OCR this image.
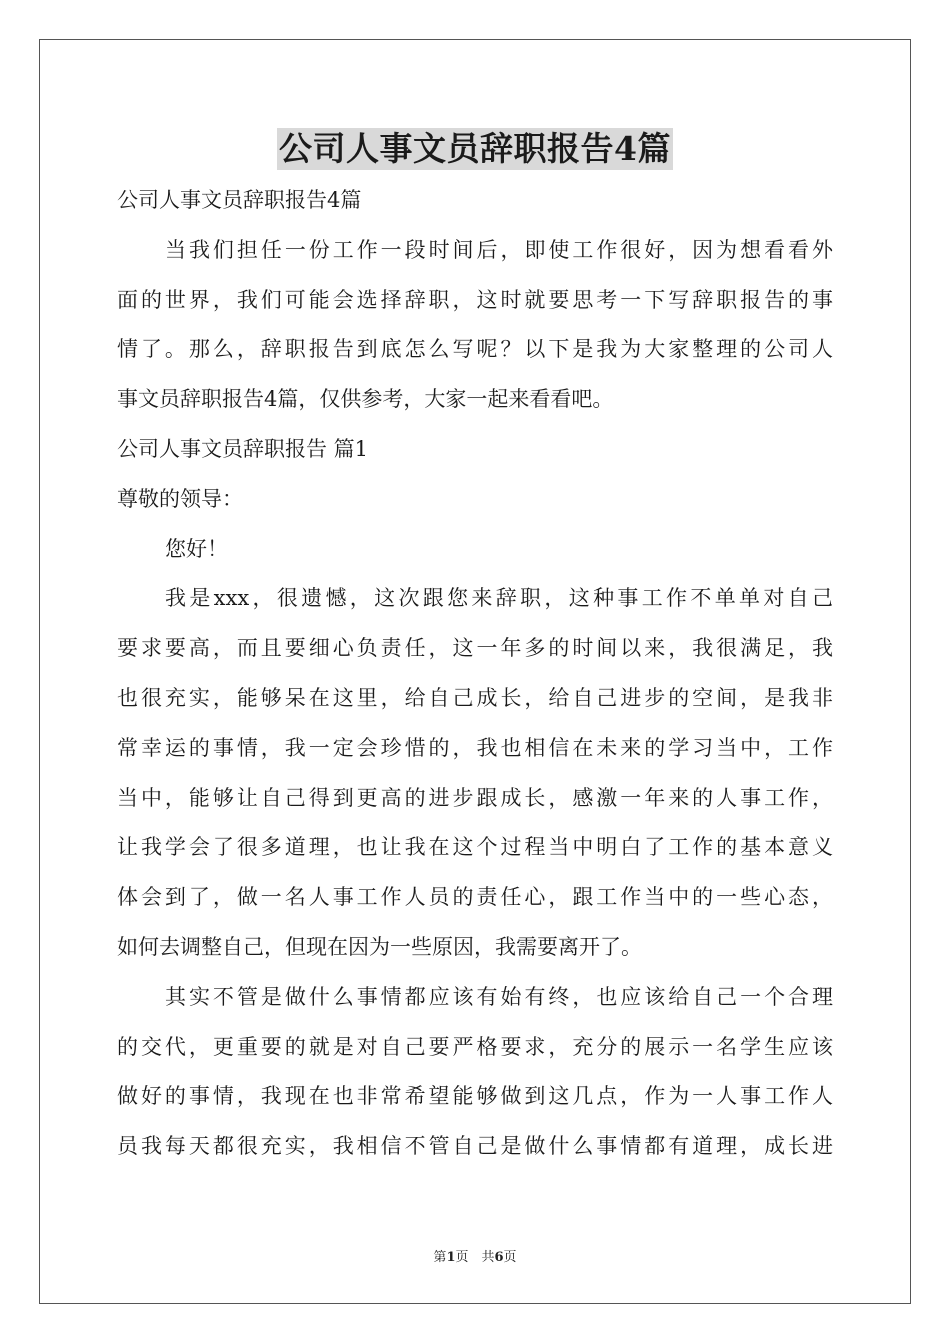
公司人事文员辞职报告4篇

公司人事文员辞职报告4篇

当我们担任一份工作一段时间后，即使工作很好，因为想看看外

面的世界，我们可能会选择辞职，这时就要思考一下写辞职报告的事

情了。那么，辞职报告到底怎么写呢？以下是我为大家整理的公司人

事文员辞职报告4篇，仅供参考，大家一起来看看吧。

公司人事文员辞职报告 篇1

尊敬的领导：

您好！

我是xxx，很遗憾，这次跟您来辞职，这种事工作不单单对自己

要求要高，而且要细心负责任，这一年多的时间以来，我很满足，我

也很充实，能够呆在这里，给自己成长，给自己进步的空间，是我非

常幸运的事情，我一定会珍惜的，我也相信在未来的学习当中，工作

当中，能够让自己得到更高的进步跟成长，感激一年来的人事工作，

让我学会了很多道理，也让我在这个过程当中明白了工作的基本意义

体会到了，做一名人事工作人员的责任心，跟工作当中的一些心态，

如何去调整自己，但现在因为一些原因，我需要离开了。

其实不管是做什么事情都应该有始有终，也应该给自己一个合理

的交代，更重要的就是对自己要严格要求，充分的展示一名学生应该

做好的事情，我现在也非常希望能够做到这几点，作为一人事工作人

员我每天都很充实，我相信不管自己是做什么事情都有道理，成长进

第1页　共6页
